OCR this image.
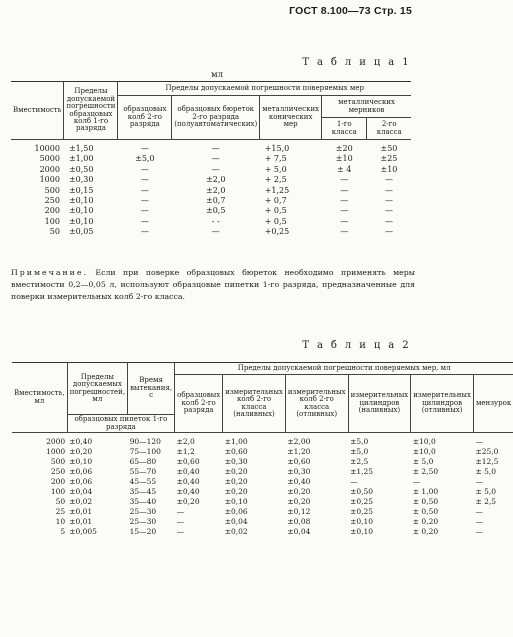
ГОСТ 8.100—73 Стр. 15
Т а б л и ц а 1
мл
Вместимость	Пределы допускаемой погрешности образцовых колб 1-го разряда	Пределы допускаемой погрешности поверяемых мер				
		образцовых колб 2-го разряда	образцовых бюреток 2-го разряда (полуавтоматических)	металлических конических мер	металлических мерников	
					1-го класса	2-го класса
10000	±1,50	—	—	+15,0	±20	±50
5000	±1,00	±5,0	—	+ 7,5	±10	±25
2000	±0,50	—	—	+ 5,0	± 4	±10
1000	±0,30	—	±2,0	+ 2,5	—	—
500	±0,15	—	±2,0	+1,25	—	—
250	±0,10	—	±0,7	+ 0,7	—	—
200	±0,10	—	±0,5	+ 0,5	—	—
100	±0,10	—	- -	+ 0,5	—	—
50	±0,05	—	—	+0,25	—	—
Примечание. Если при поверке образцовых бюреток необходимо применять меры вместимости 0,2—0,05 л, используют образцовые пипетки 1-го разряда, предназначенные для поверки измерительных колб 2-го класса.
Т а б л и ц а 2
Вместимость, мл	Пределы допускаемых погрешностей, мл	Время вытекания, с	Пределы допускаемой погрешности поверяемых мер, мл					
			образцовых колб 2-го разряда	измерительных колб 2-го класса (наливных)	измерительных колб 2-го класса (отливных)	измерительных цилиндров (наливных)	измерительных цилиндров (отливных)	мензурок
	образцовых пипеток 1-го разряда							
2000	±0,40	90—120	±2,0	±1,00	±2,00	±5,0	±10,0	—
1000	±0,20	75—100	±1,2	±0,60	±1,20	±5,0	±10,0	±25,0
500	±0,10	65—80	±0,60	±0,30	±0,60	±2,5	± 5,0	±12,5
250	±0,06	55—70	±0,40	±0,20	±0,30	±1,25	± 2,50	± 5,0
200	±0,06	45—55	±0,40	±0,20	±0,40	—	—	—
100	±0,04	35—45	±0,40	±0,20	±0,20	±0,50	± 1,00	± 5,0
50	±0,02	35—40	±0,20	±0,10	±0,20	±0,25	± 0,50	± 2,5
25	±0,01	25—30	—	±0,06	±0,12	±0,25	± 0,50	—
10	±0,01	25—30	—	±0,04	±0,08	±0,10	± 0,20	—
5	±0,005	15—20	—	±0,02	±0,04	±0,10	± 0,20	—
